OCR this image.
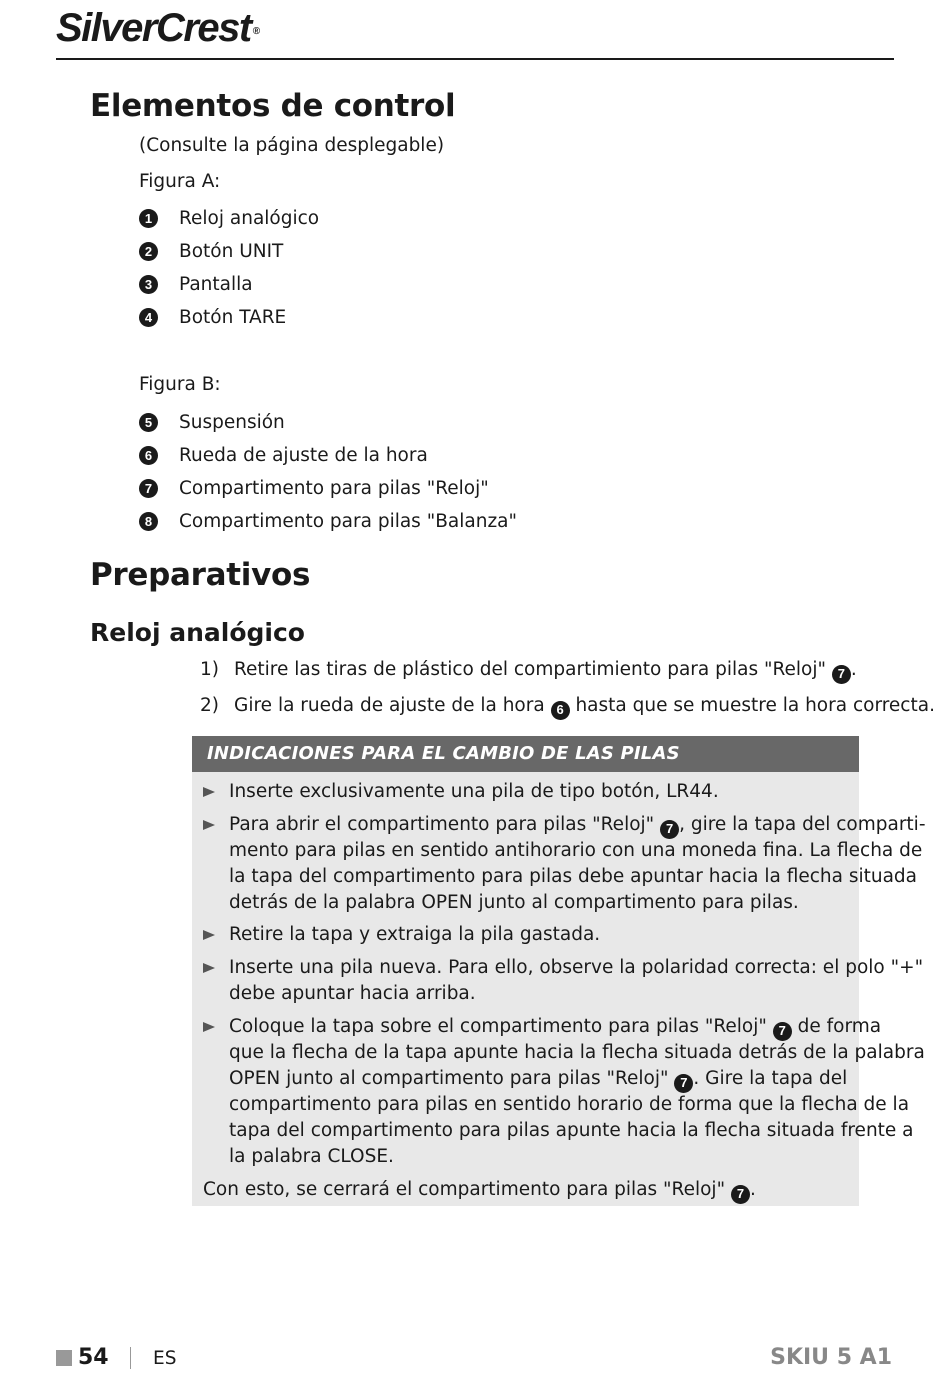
SilverCrest ®
Elementos de control
(Consulte la página desplegable)
Figura A:
1	Reloj analógico
2	Botón UNIT
3	Pantalla
4	Botón TARE
Figura B:
5	Suspensión
6	Rueda de ajuste de la hora
7	Compartimento para pilas "Reloj"
8	Compartimento para pilas "Balanza"
Preparativos
Reloj analógico
1) Retire las tiras de plástico del compartimiento para pilas "Reloj" 7 .
2) Gire la rueda de ajuste de la hora 6 hasta que se muestre la hora correcta.
INDICACIONES PARA EL CAMBIO DE LAS PILAS
Inserte exclusivamente una pila de tipo botón, LR44.
Para abrir el compartimento para pilas "Reloj" 7 , gire la tapa del comparti-
mento para pilas en sentido antihorario con una moneda fina. La flecha de
la tapa del compartimento para pilas debe apuntar hacia la flecha situada
detrás de la palabra OPEN junto al compartimento para pilas.
Retire la tapa y extraiga la pila gastada.
Inserte una pila nueva. Para ello, observe la polaridad correcta: el polo "+"
debe apuntar hacia arriba.
Coloque la tapa sobre el compartimento para pilas "Reloj" 7 de forma
que la flecha de la tapa apunte hacia la flecha situada detrás de la palabra
OPEN junto al compartimento para pilas "Reloj" 7 . Gire la tapa del
compartimento para pilas en sentido horario de forma que la flecha de la
tapa del compartimento para pilas apunte hacia la flecha situada frente a
la palabra CLOSE.
Con esto, se cerrará el compartimento para pilas "Reloj" 7 .
54 ES	SKIU 5 A1
